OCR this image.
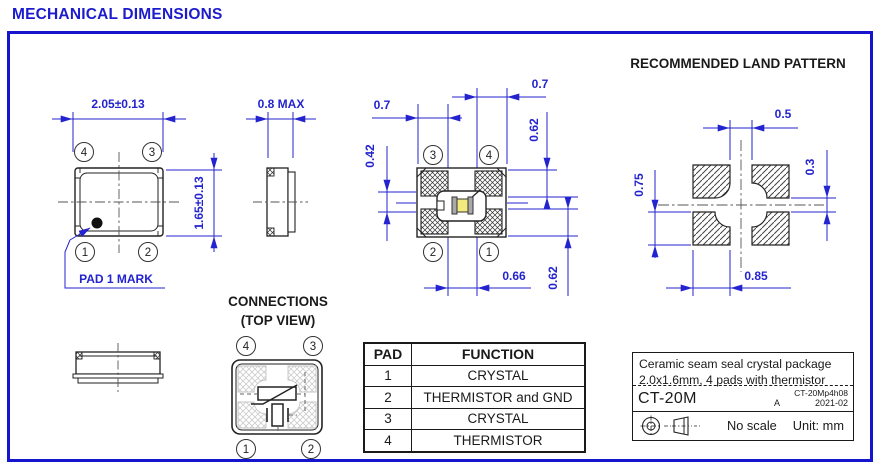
MECHANICAL DIMENSIONS
2.05±0.13
1.65±0.13
4	3
1	2
PAD 1 MARK
0.8 MAX	0.7
0.7
0.62
0.42
0.62
0.66
3	4
2	1
RECOMMENDED LAND PATTERN
0.5
0.3
0.75
0.85
CONNECTIONS
(TOP VIEW)
4	3
1	2
PAD	FUNCTION
1	CRYSTAL
2	THERMISTOR and GND
3	CRYSTAL
4	THERMISTOR
Ceramic seam seal crystal package
2.0x1.6mm, 4 pads with thermistor
CT-20M	CT-20Mp4h08
A	2021-02
No scale Unit: mm
